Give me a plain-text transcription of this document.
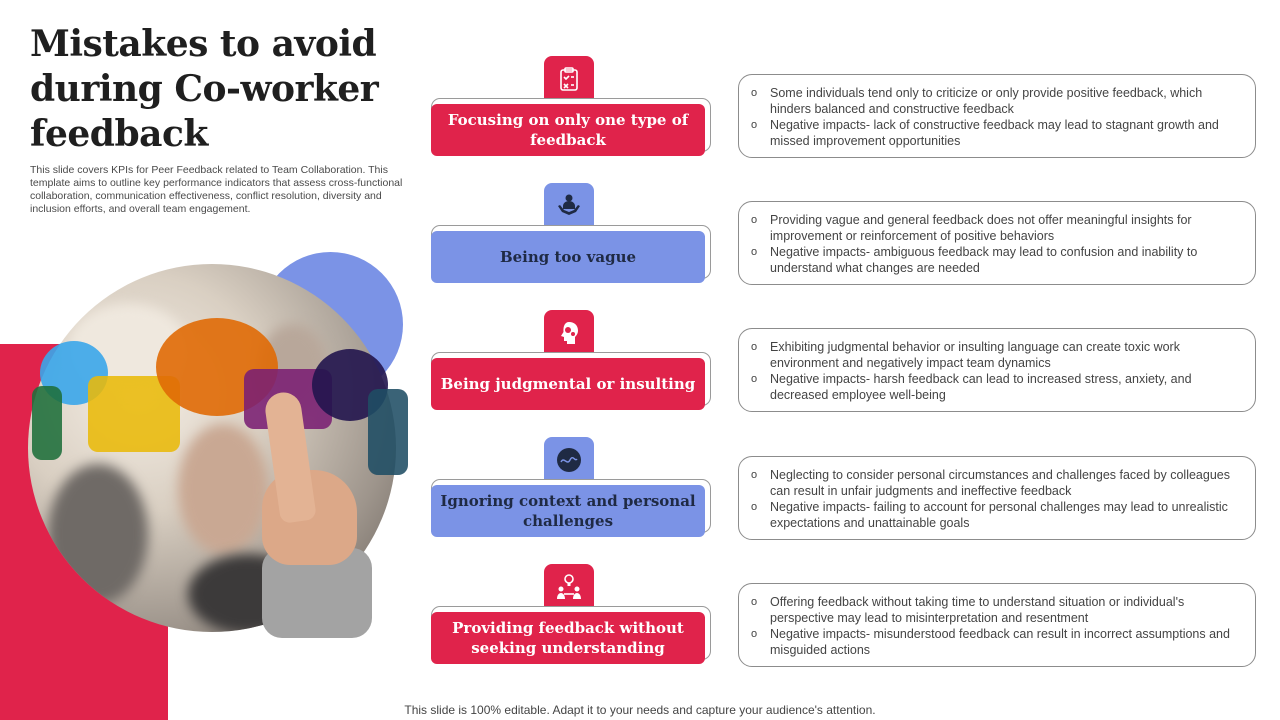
Mistakes to avoid during Co-worker feedback
This slide covers KPIs for Peer Feedback related to Team Collaboration. This template aims to outline key performance indicators that assess cross-functional collaboration, communication effectiveness, conflict resolution, diversity and inclusion efforts, and overall team engagement.
Focusing on only one type of feedback
o Some individuals tend only to criticize or only provide positive feedback, which hinders balanced and constructive feedback
o Negative impacts- lack of constructive feedback may lead to stagnant growth and missed improvement opportunities
Being too vague
o Providing vague and general feedback does not offer meaningful insights for improvement or reinforcement of positive behaviors
o Negative impacts- ambiguous feedback may lead to confusion and inability to understand what changes are needed
Being judgmental or insulting
o Exhibiting judgmental behavior or insulting language can create toxic work environment and negatively impact team dynamics
o Negative impacts- harsh feedback can lead to increased stress, anxiety, and decreased employee well-being
Ignoring context and personal challenges
o Neglecting to consider personal circumstances and challenges faced by colleagues can result in unfair judgments and ineffective feedback
o Negative impacts- failing to account for personal challenges may lead to unrealistic expectations and unattainable goals
Providing feedback without seeking understanding
o Offering feedback without taking time to understand situation or individual's perspective may lead to misinterpretation and resentment
o Negative impacts- misunderstood feedback can result in incorrect assumptions and misguided actions
This slide is 100% editable. Adapt it to your needs and capture your audience's attention.
